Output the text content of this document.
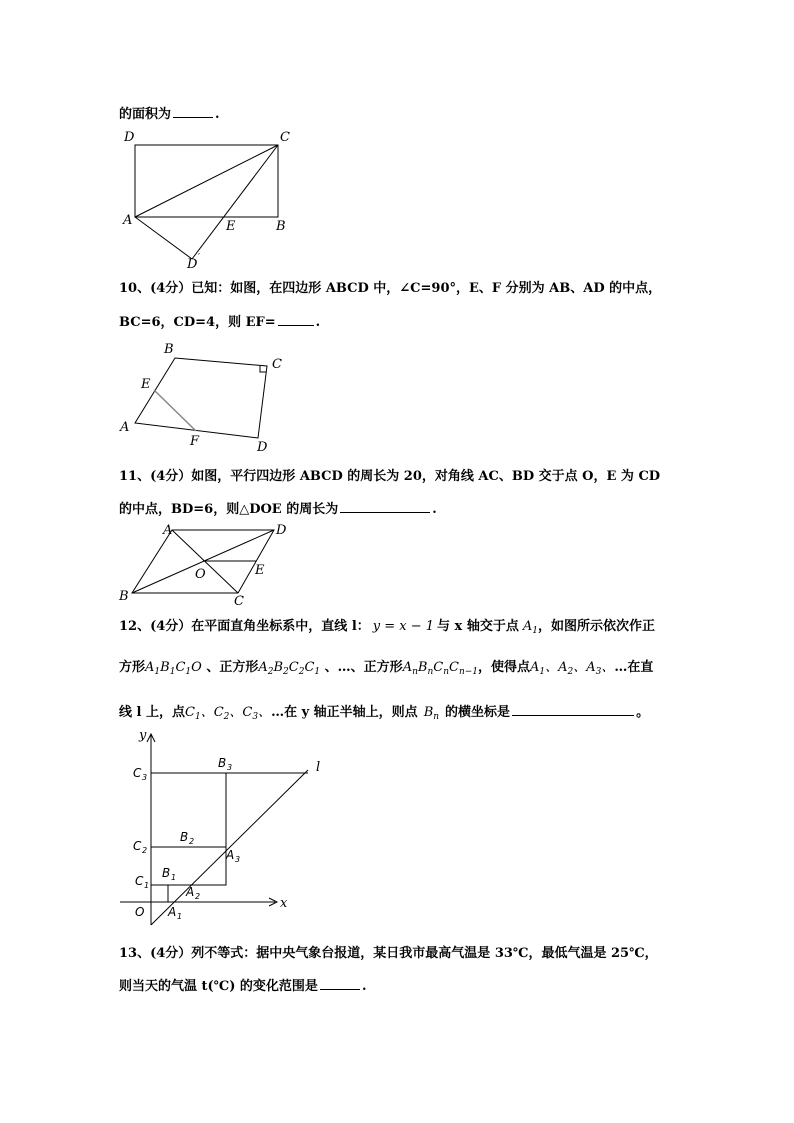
的面积为	.
D	C
A	E	B
D ′
10、(4分）已知：如图，在四边形 ABCD 中，∠C=90°，E、F 分别为 AB、AD 的中点，
BC=6，CD=4，则 EF=	.
B
C
E
A
F	D
11、(4分）如图，平行四边形 ABCD 的周长为 20，对角线 AC、BD 交于点 O，E 为 CD
的中点，BD=6，则△DOE 的周长为	.
A	D
O	E
B	C
12、(4分）在平面直角坐标系中，直线 l： y = x − 1 与 x 轴交于点 $A_1$，如图所示依次作正
方形$A_1B_1C_1O$ 、正方形$A_2B_2C_2C_1$ 、…、正方形$A_nB_nC_nC_{n-1}$，使得点$A_1$、$A_2$、$A_3$、…在直
线 l 上，点$C_1$、$C_2$、$C_3$、…在 y 轴正半轴上，则点 $B_n$ 的横坐标是	。
y
x
l
O
C 3
B 3
C 2
B 2
A 3
C 1
B 1
A 2
A 1
13、(4分）列不等式：据中央气象台报道，某日我市最高气温是 33℃，最低气温是 25℃，
则当天的气温 t(℃) 的变化范围是	.
